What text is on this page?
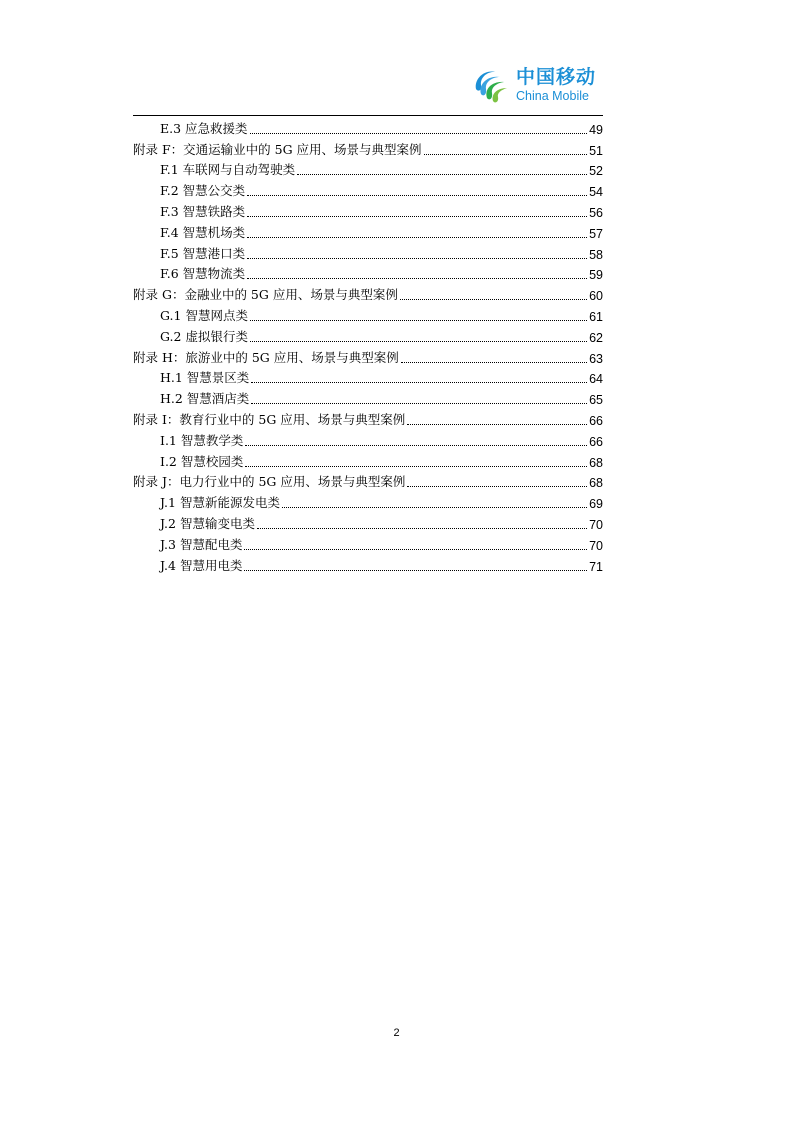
中国移动
China Mobile
E.3 应急救援类	49
附录 F：交通运输业中的 5G 应用、场景与典型案例	51
F.1 车联网与自动驾驶类	52
F.2 智慧公交类	54
F.3 智慧铁路类	56
F.4 智慧机场类	57
F.5 智慧港口类	58
F.6 智慧物流类	59
附录 G：金融业中的 5G 应用、场景与典型案例	60
G.1 智慧网点类	61
G.2 虚拟银行类	62
附录 H：旅游业中的 5G 应用、场景与典型案例	63
H.1 智慧景区类	64
H.2 智慧酒店类	65
附录 I：教育行业中的 5G 应用、场景与典型案例	66
I.1 智慧教学类	66
I.2 智慧校园类	68
附录 J：电力行业中的 5G 应用、场景与典型案例	68
J.1 智慧新能源发电类	69
J.2 智慧输变电类	70
J.3 智慧配电类	70
J.4 智慧用电类	71
2
